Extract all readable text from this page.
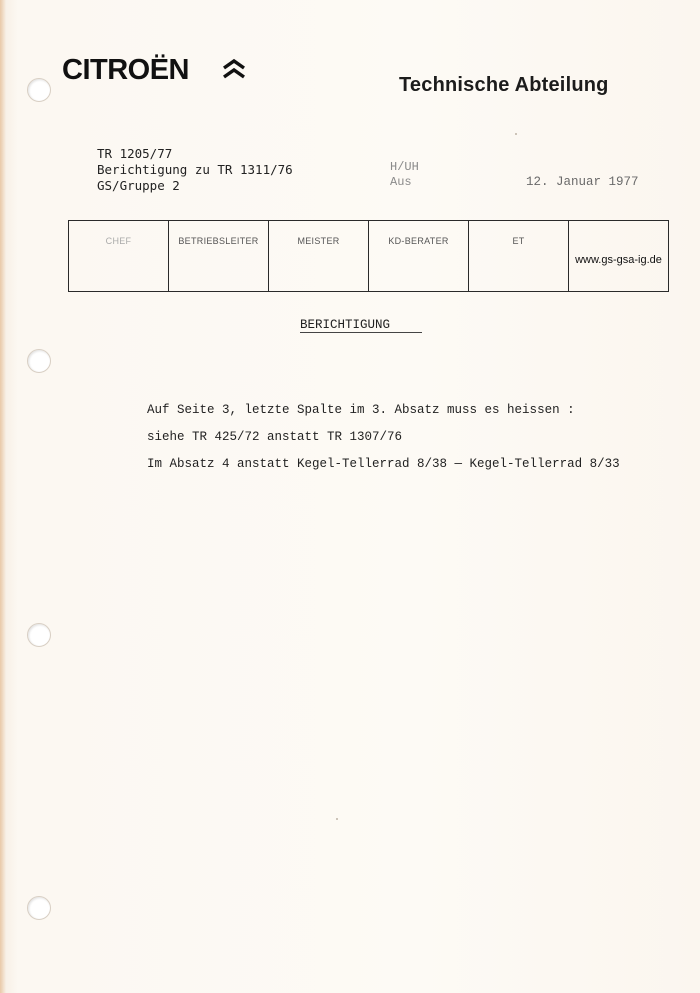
CITROËN	Technische Abteilung
TR 1205/77
Berichtigung zu TR 1311/76
GS/Gruppe 2
H/UH
Aus	12. Januar 1977
CHEF	BETRIEBSLEITER	MEISTER	KD-BERATER	ET
www.gs-gsa-ig.de
BERICHTIGUNG
Auf Seite 3, letzte Spalte im 3. Absatz muss es heissen :
siehe TR 425/72 anstatt TR 1307/76
Im Absatz 4 anstatt Kegel-Tellerrad 8/38 — Kegel-Tellerrad 8/33
